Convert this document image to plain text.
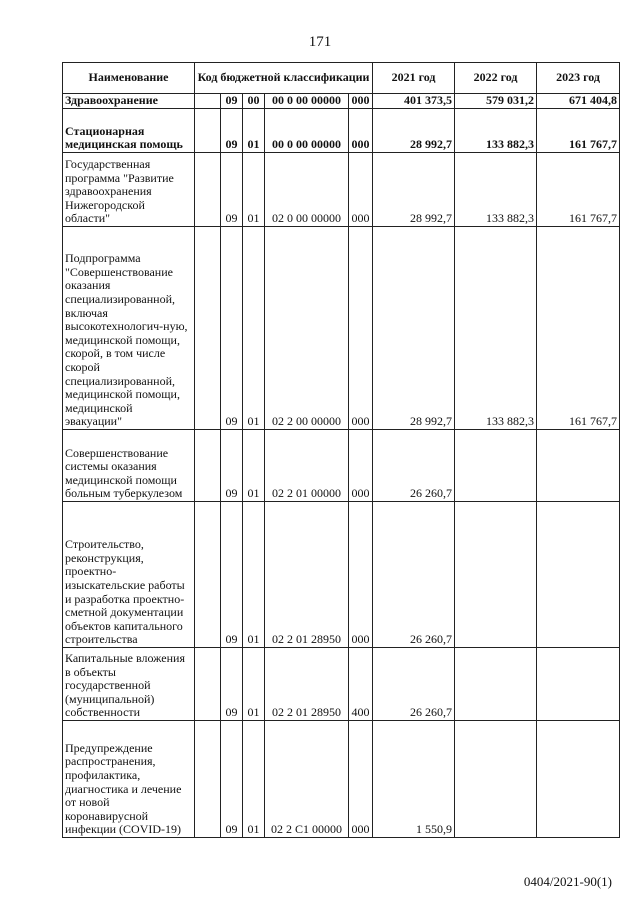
171
Наименование	Код бюджетной классификации					2021 год	2022 год	2023 год
Здравоохранение		09	00	00 0 00 00000	000	401 373,5	579 031,2	671 404,8
Стационарная медицинская помощь		09	01	00 0 00 00000	000	28 992,7	133 882,3	161 767,7
Государственная программа "Развитие здравоохранения Нижегородской области"		09	01	02 0 00 00000	000	28 992,7	133 882,3	161 767,7
Подпрограмма "Совершенствование оказания специализированной, включая высокотехнологич-ную, медицинской помощи, скорой, в том числе скорой специализированной, медицинской помощи, медицинской эвакуации"		09	01	02 2 00 00000	000	28 992,7	133 882,3	161 767,7
Совершенствование системы оказания медицинской помощи больным туберкулезом		09	01	02 2 01 00000	000	26 260,7		
Строительство, реконструкция, проектно-изыскательские работы и разработка проектно-сметной документации объектов капитального строительства		09	01	02 2 01 28950	000	26 260,7		
Капитальные вложения в объекты государственной (муниципальной) собственности		09	01	02 2 01 28950	400	26 260,7		
Предупреждение распространения, профилактика, диагностика и лечение от новой коронавирусной инфекции (COVID-19)		09	01	02 2 C1 00000	000	1 550,9		
0404/2021-90(1)
